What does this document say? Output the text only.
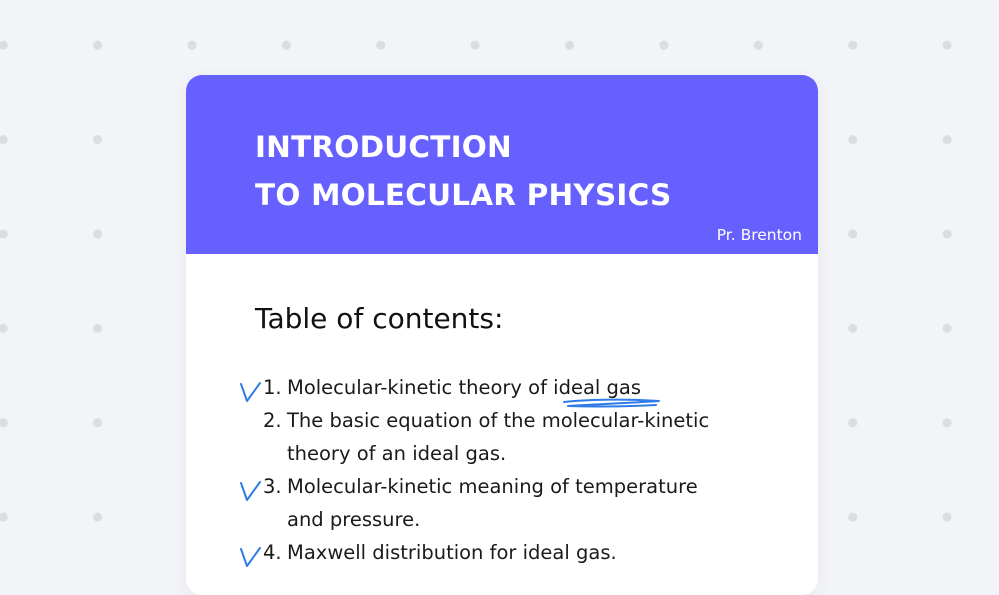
INTRODUCTION
TO MOLECULAR PHYSICS
Pr. Brenton
Table of contents:
1. Molecular-kinetic theory of ideal gas
2. The basic equation of the molecular-kinetic theory of an ideal gas.
3. Molecular-kinetic meaning of temperature and pressure.
4. Maxwell distribution for ideal gas.
